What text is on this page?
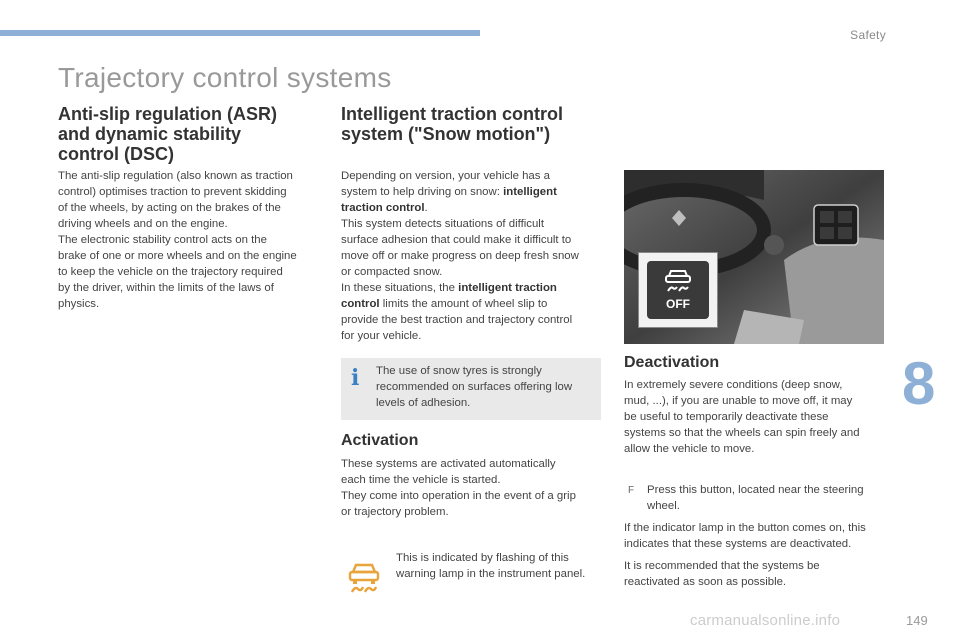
Safety
Trajectory control systems
Anti-slip regulation (ASR)
and dynamic stability
control (DSC)
The anti-slip regulation (also known as traction
control) optimises traction to prevent skidding
of the wheels, by acting on the brakes of the
driving wheels and on the engine.
The electronic stability control acts on the
brake of one or more wheels and on the engine
to keep the vehicle on the trajectory required
by the driver, within the limits of the laws of
physics.
Intelligent traction control
system ("Snow motion")
Depending on version, your vehicle has a
system to help driving on snow: intelligent
traction control.
This system detects situations of difficult
surface adhesion that could make it difficult to
move off or make progress on deep fresh snow
or compacted snow.
In these situations, the intelligent traction
control limits the amount of wheel slip to
provide the best traction and trajectory control
for your vehicle.
i The use of snow tyres is strongly
recommended on surfaces offering low
levels of adhesion.
Activation
These systems are activated automatically
each time the vehicle is started.
They come into operation in the event of a grip
or trajectory problem.
This is indicated by flashing of this
warning lamp in the instrument panel.
OFF
Deactivation
In extremely severe conditions (deep snow,
mud, ...), if you are unable to move off, it may
be useful to temporarily deactivate these
systems so that the wheels can spin freely and
allow the vehicle to move.
F Press this button, located near the steering
wheel.
If the indicator lamp in the button comes on, this
indicates that these systems are deactivated.
It is recommended that the systems be
reactivated as soon as possible.
8
carmanualsonline.info	149
